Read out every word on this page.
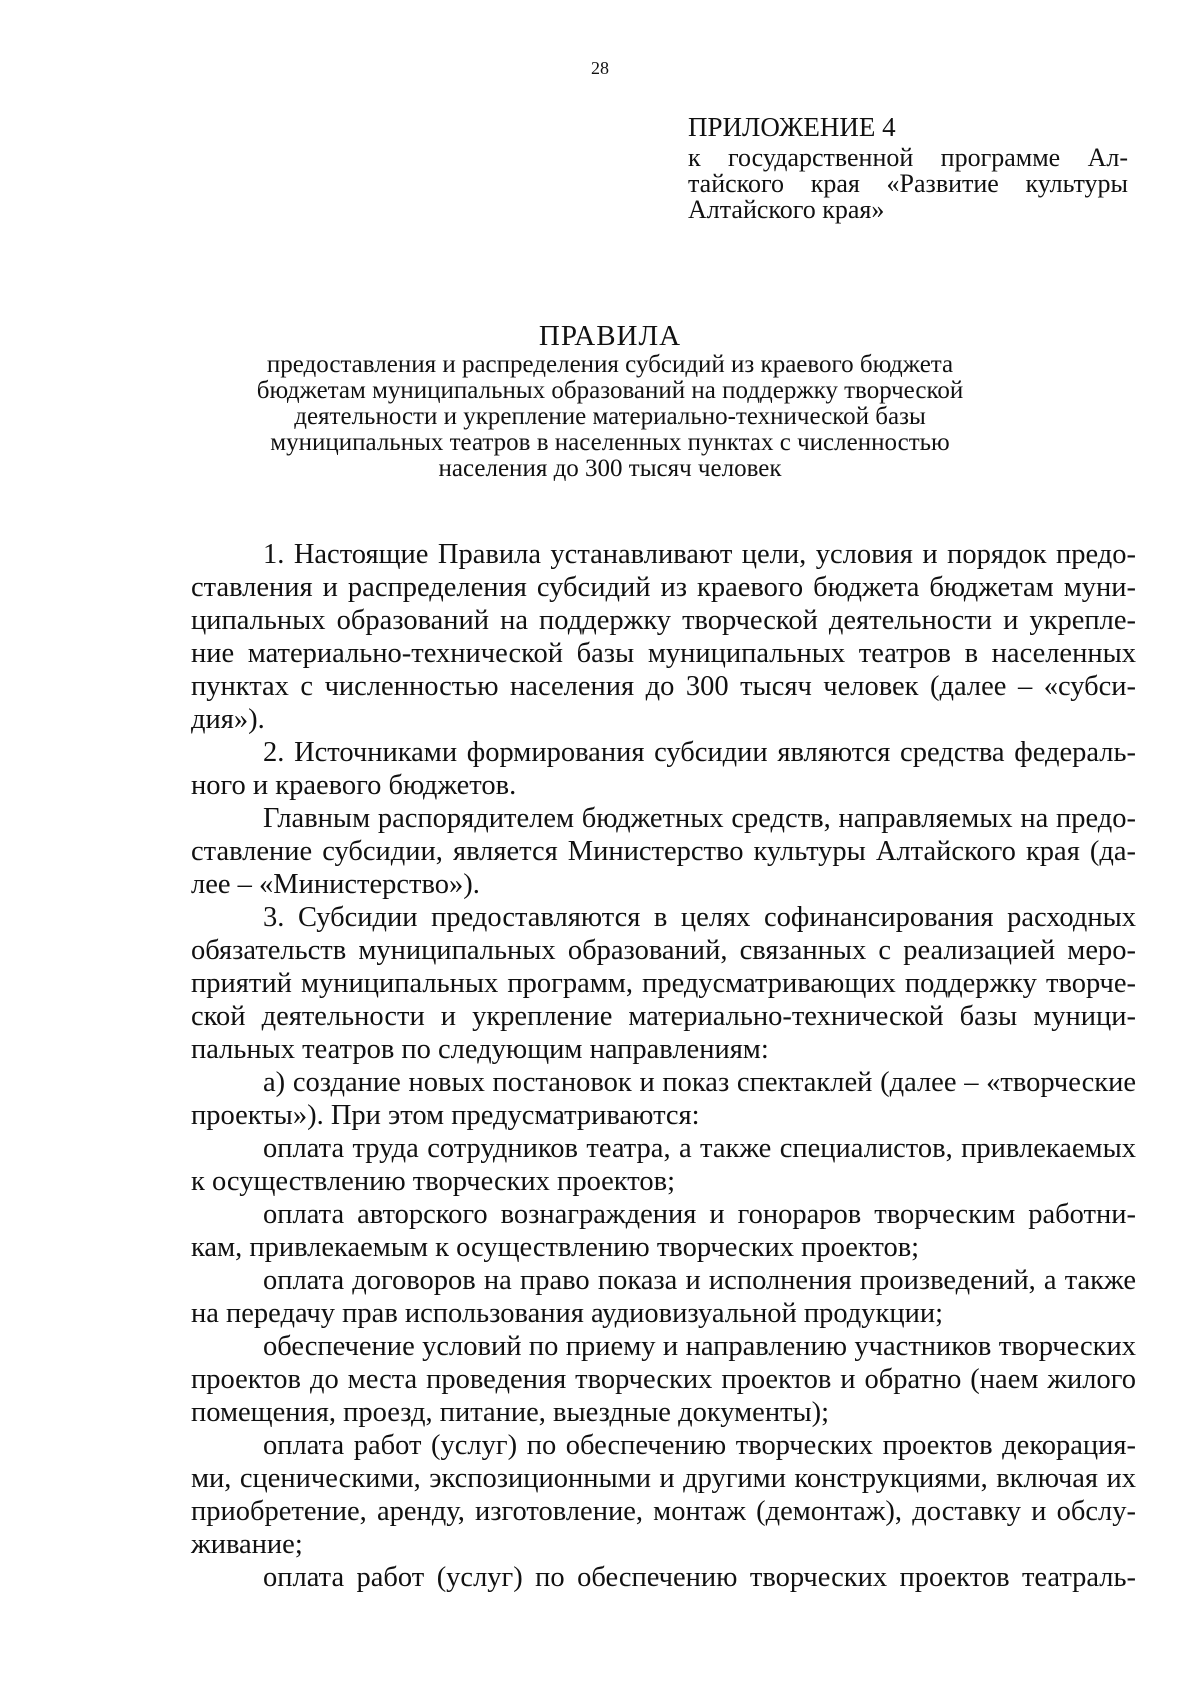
28
ПРИЛОЖЕНИЕ 4
к государственной программе Ал-
тайского края «Развитие культуры
Алтайского края»
ПРАВИЛА
предоставления и распределения субсидий из краевого бюджета
бюджетам муниципальных образований на поддержку творческой
деятельности и укрепление материально-технической базы
муниципальных театров в населенных пунктах с численностью
населения до 300 тысяч человек
1. Настоящие Правила устанавливают цели, условия и порядок предо-
ставления и распределения субсидий из краевого бюджета бюджетам муни-
ципальных образований на поддержку творческой деятельности и укрепле-
ние материально-технической базы муниципальных театров в населенных
пунктах с численностью населения до 300 тысяч человек (далее – «субси-
дия»).
2. Источниками формирования субсидии являются средства федераль-
ного и краевого бюджетов.
Главным распорядителем бюджетных средств, направляемых на предо-
ставление субсидии, является Министерство культуры Алтайского края (да-
лее – «Министерство»).
3. Субсидии предоставляются в целях софинансирования расходных
обязательств муниципальных образований, связанных с реализацией меро-
приятий муниципальных программ, предусматривающих поддержку творче-
ской деятельности и укрепление материально-технической базы муници-
пальных театров по следующим направлениям:
а) создание новых постановок и показ спектаклей (далее – «творческие
проекты»). При этом предусматриваются:
оплата труда сотрудников театра, а также специалистов, привлекаемых
к осуществлению творческих проектов;
оплата авторского вознаграждения и гонораров творческим работни-
кам, привлекаемым к осуществлению творческих проектов;
оплата договоров на право показа и исполнения произведений, а также
на передачу прав использования аудиовизуальной продукции;
обеспечение условий по приему и направлению участников творческих
проектов до места проведения творческих проектов и обратно (наем жилого
помещения, проезд, питание, выездные документы);
оплата работ (услуг) по обеспечению творческих проектов декорация-
ми, сценическими, экспозиционными и другими конструкциями, включая их
приобретение, аренду, изготовление, монтаж (демонтаж), доставку и обслу-
живание;
оплата работ (услуг) по обеспечению творческих проектов театраль-
